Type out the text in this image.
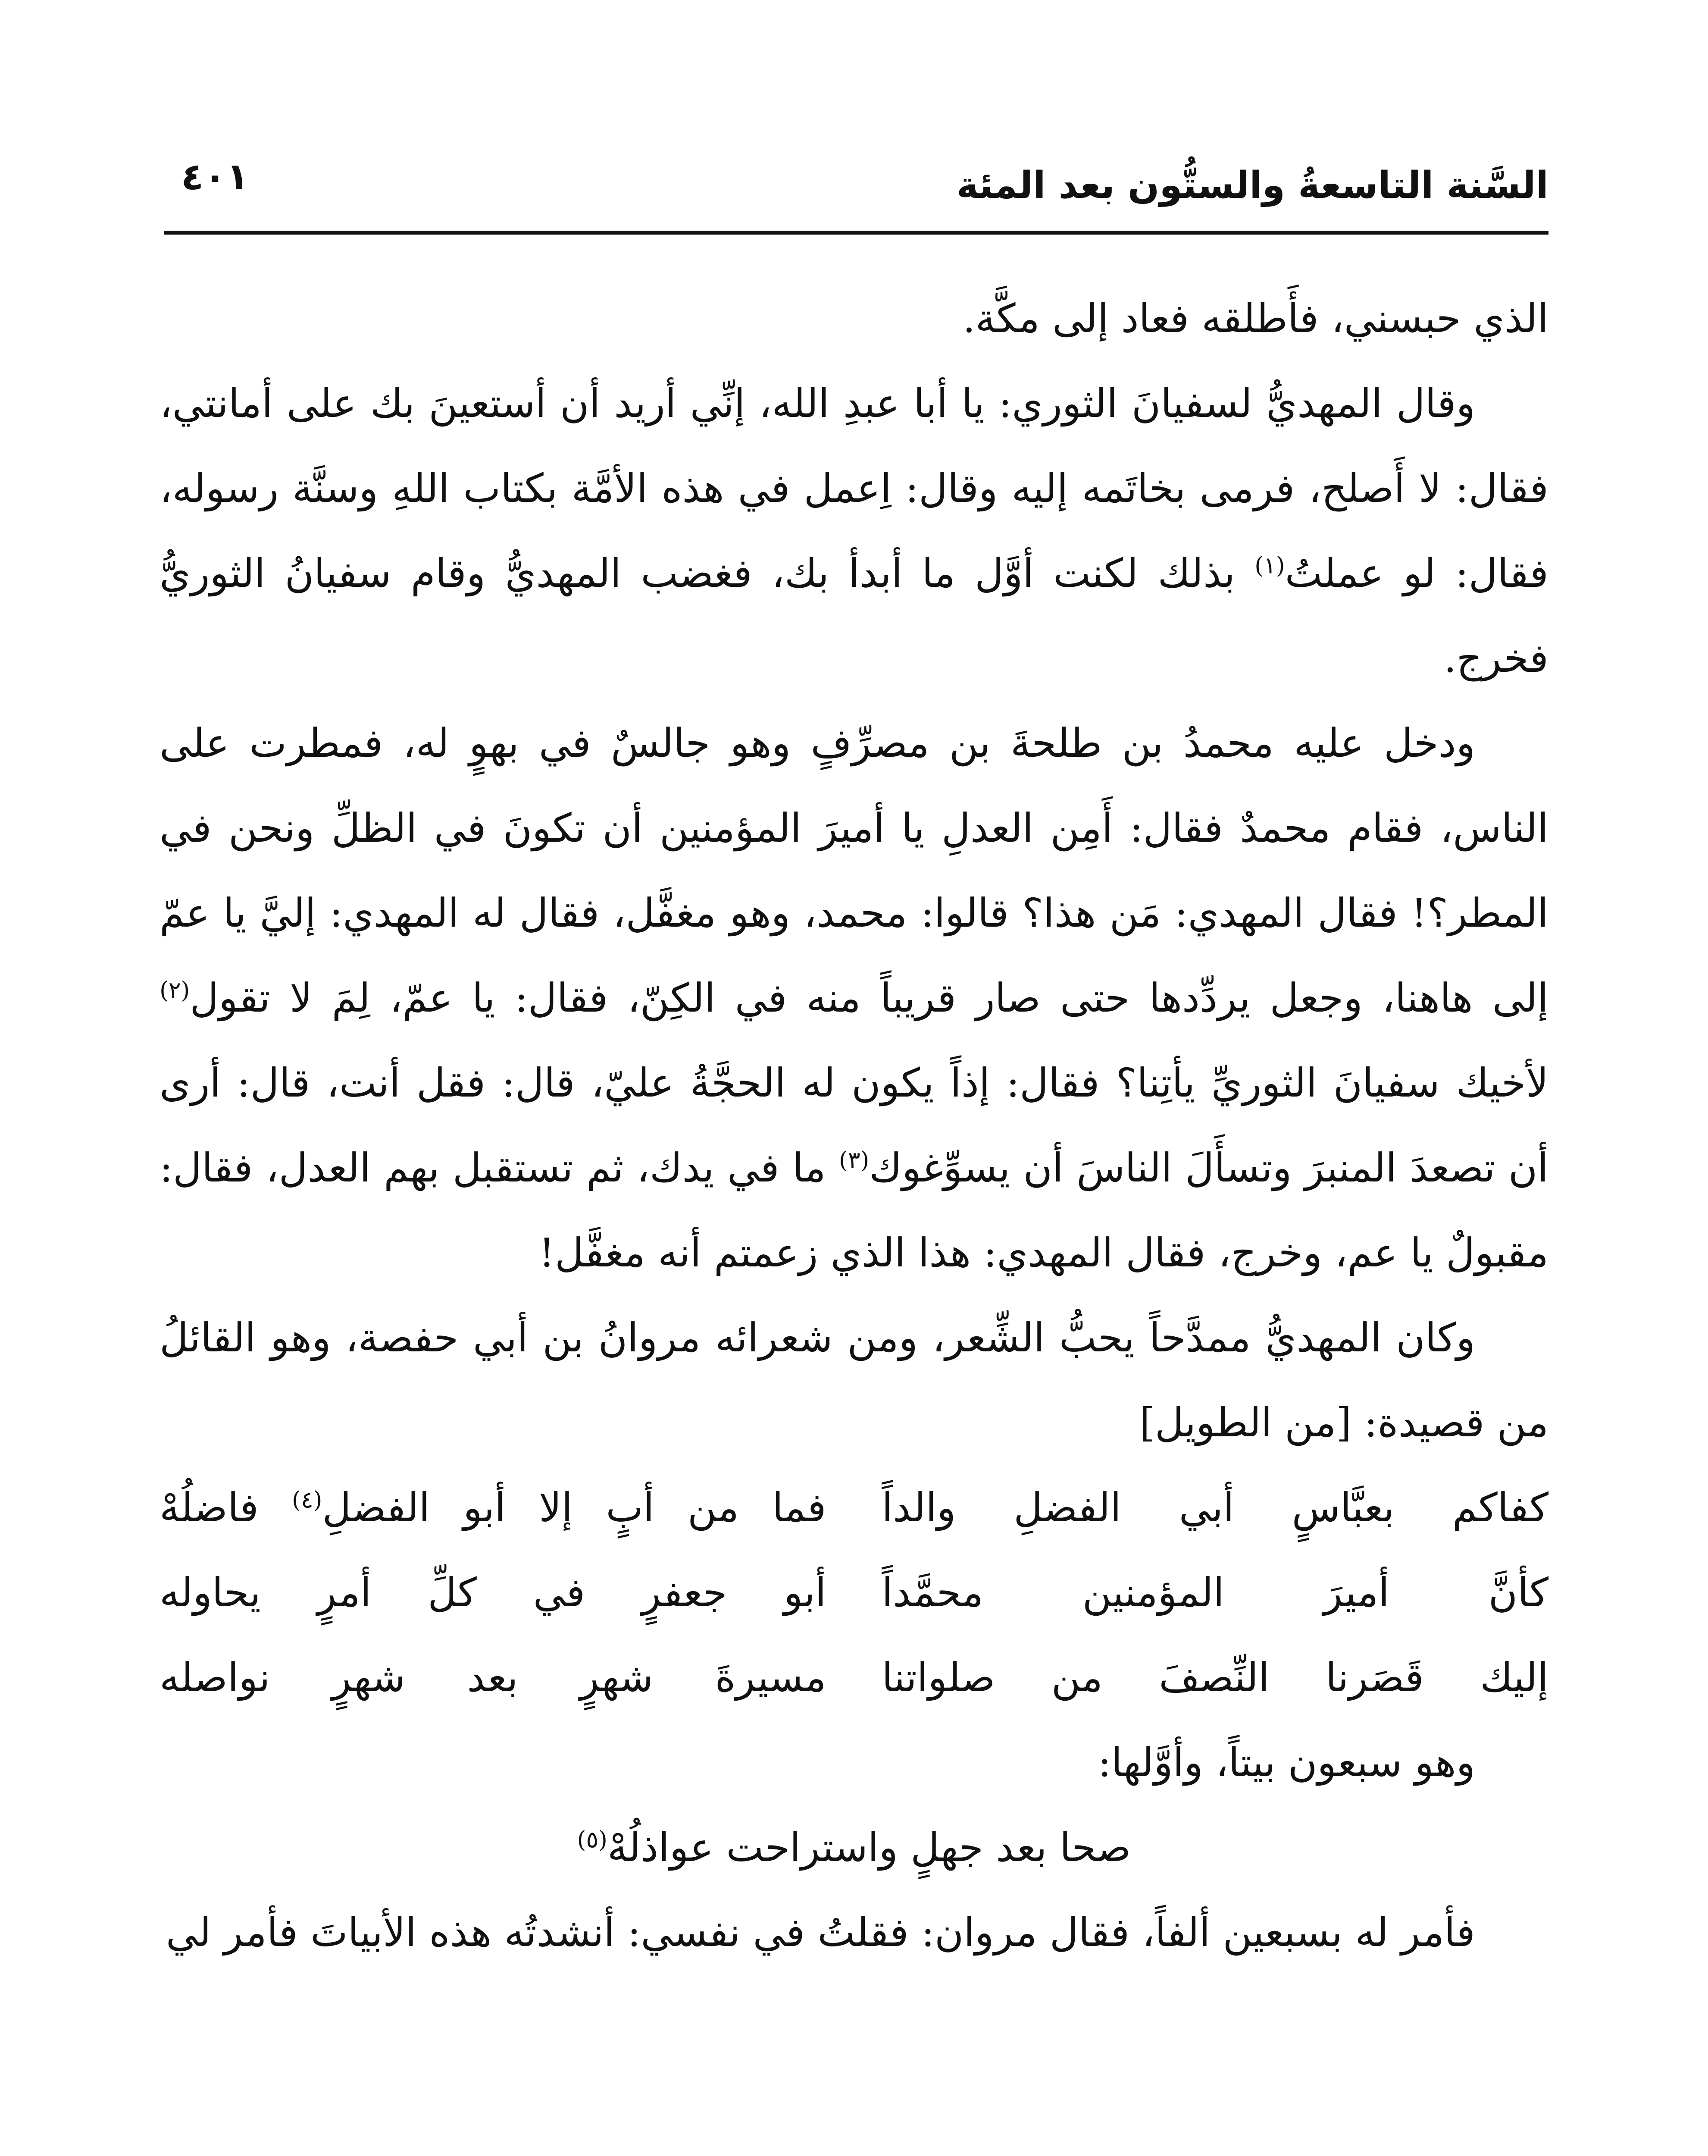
السَّنة التاسعةُ والستُّون بعد المئة
٤٠١

الذي حبسني، فأَطلقه فعاد إلى مكَّة.

وقال المهديُّ لسفيانَ الثوري: يا أبا عبدِ الله، إنِّي أريد أن أستعينَ بك على أمانتي، فقال: لا أَصلح، فرمى بخاتَمه إليه وقال: اِعمل في هذه الأمَّة بكتاب اللهِ وسنَّة رسوله، فقال: لو عملتُ$^{(١)}$ بذلك لكنت أوَّل ما أبدأ بك، فغضب المهديُّ وقام سفيانُ الثوريُّ فخرج.

ودخل عليه محمدُ بن طلحةَ بن مصرِّفٍ وهو جالسٌ في بهوٍ له، فمطرت على الناس، فقام محمدٌ فقال: أَمِن العدلِ يا أميرَ المؤمنين أن تكونَ في الظلِّ ونحن في المطر؟! فقال المهدي: مَن هذا؟ قالوا: محمد، وهو مغفَّل، فقال له المهدي: إليَّ يا عمّ إلى هاهنا، وجعل يردِّدها حتى صار قريباً منه في الكِنّ، فقال: يا عمّ، لِمَ لا تقول$^{(٢)}$ لأخيك سفيانَ الثوريِّ يأتِنا؟ فقال: إذاً يكون له الحجَّةُ عليّ، قال: فقل أنت، قال: أرى أن تصعدَ المنبرَ وتسأَلَ الناسَ أن يسوِّغوك$^{(٣)}$ ما في يدك، ثم تستقبل بهم العدل، فقال: مقبولٌ يا عم، وخرج، فقال المهدي: هذا الذي زعمتم أنه مغفَّل!

وكان المهديُّ ممدَّحاً يحبُّ الشِّعر، ومن شعرائه مروانُ بن أبي حفصة، وهو القائلُ من قصيدة: [من الطويل]

كفاكم بعبَّاسٍ أبي الفضلِ والداً
فما من أبٍ إلا أبو الفضلِ$^{(٤)}$ فاضلُهْ
كأنَّ أميرَ المؤمنين محمَّداً
أبو جعفرٍ في كلِّ أمرٍ يحاوله
إليك قَصَرنا النِّصفَ من صلواتنا
مسيرةَ شهرٍ بعد شهرٍ نواصله

وهو سبعون بيتاً، وأوَّلها:

صحا بعد جهلٍ واستراحت عواذلُهْ$^{(٥)}$

فأمر له بسبعين ألفاً، فقال مروان: فقلتُ في نفسي: أنشدتُه هذه الأبياتَ فأمر لي
